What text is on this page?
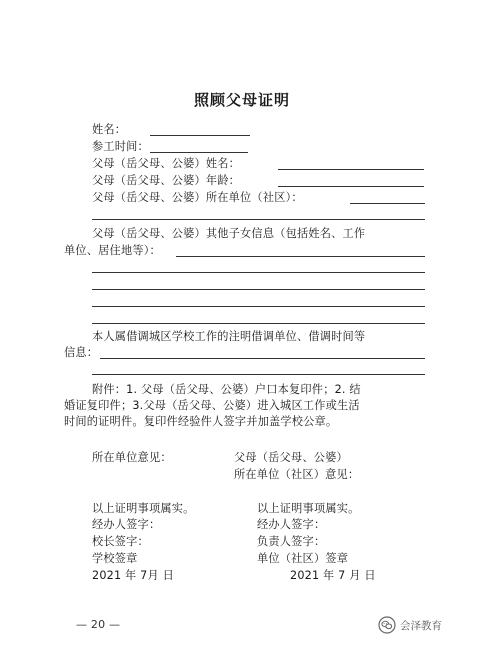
照顾父母证明
姓名：
参工时间：
父母（岳父母、公婆）姓名：
父母（岳父母、公婆）年龄：
父母（岳父母、公婆）所在单位（社区）：
父母（岳父母、公婆）其他子女信息（包括姓名、工作
单位、居住地等）：
本人属借调城区学校工作的注明借调单位、借调时间等
信息：
附件：1. 父母（岳父母、公婆）户口本复印件；2. 结
婚证复印件；3.父母（岳父母、公婆）进入城区工作或生活
时间的证明件。复印件经验件人签字并加盖学校公章。
所在单位意见：	父母（岳父母、公婆）
所在单位（社区）意见：
以上证明事项属实。
经办人签字：
校长签字：
学校签章
2021 年 7月 日
以上证明事项属实。
经办人签字：
负责人签字：
单位（社区）签章
2021 年 7 月 日
— 20 —	会泽教育
